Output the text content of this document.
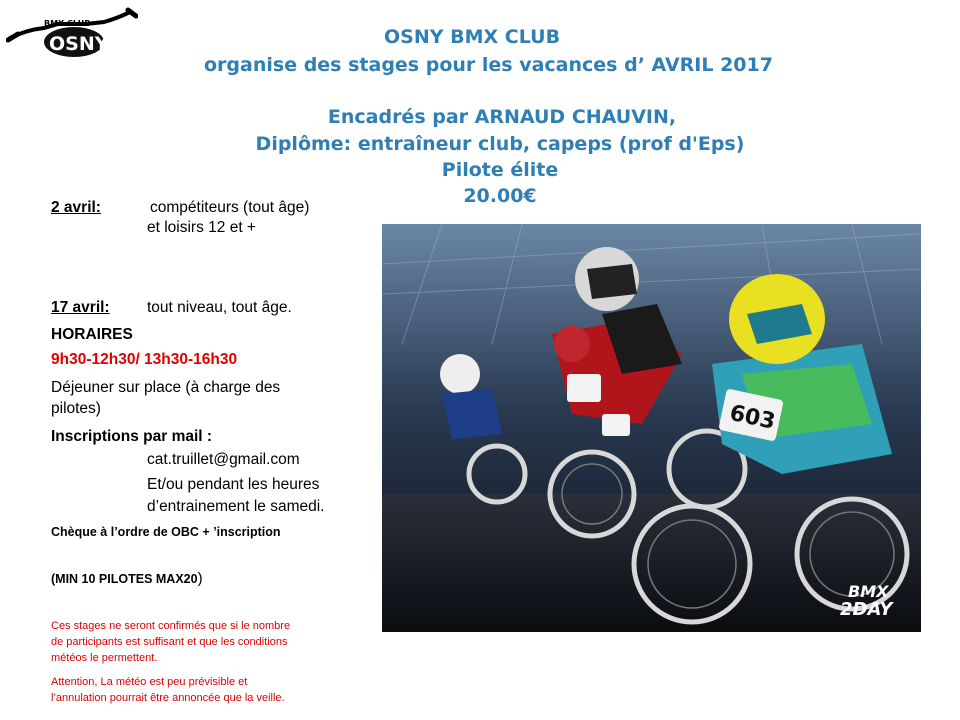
BMX CLUB
OSNY	OSNY BMX CLUB
organise des stages pour les vacances d’ AVRIL 2017
Encadrés par ARNAUD CHAUVIN,
Diplôme: entraîneur club, capeps (prof d'Eps)
Pilote élite
20.00€
2 avril:	compétiteurs (tout âge)
et loisirs 12 et +
17 avril: tout niveau, tout âge.
HORAIRES
9h30-12h30/ 13h30-16h30
Déjeuner sur place (à charge des
pilotes)
Inscriptions par mail :
cat.truillet@gmail.com
Et/ou pendant les heures
d’entrainement le samedi.
Chèque à l’ordre de OBC + ’inscription
(MIN 10 PILOTES MAX20)
Ces stages ne seront confirmés que si le nombre
de participants est suffisant et que les conditions
météos le permettent.
Attention, La météo est peu prévisible et
l’annulation pourrait être annoncée que la veille.
603
BMX
2DAY
